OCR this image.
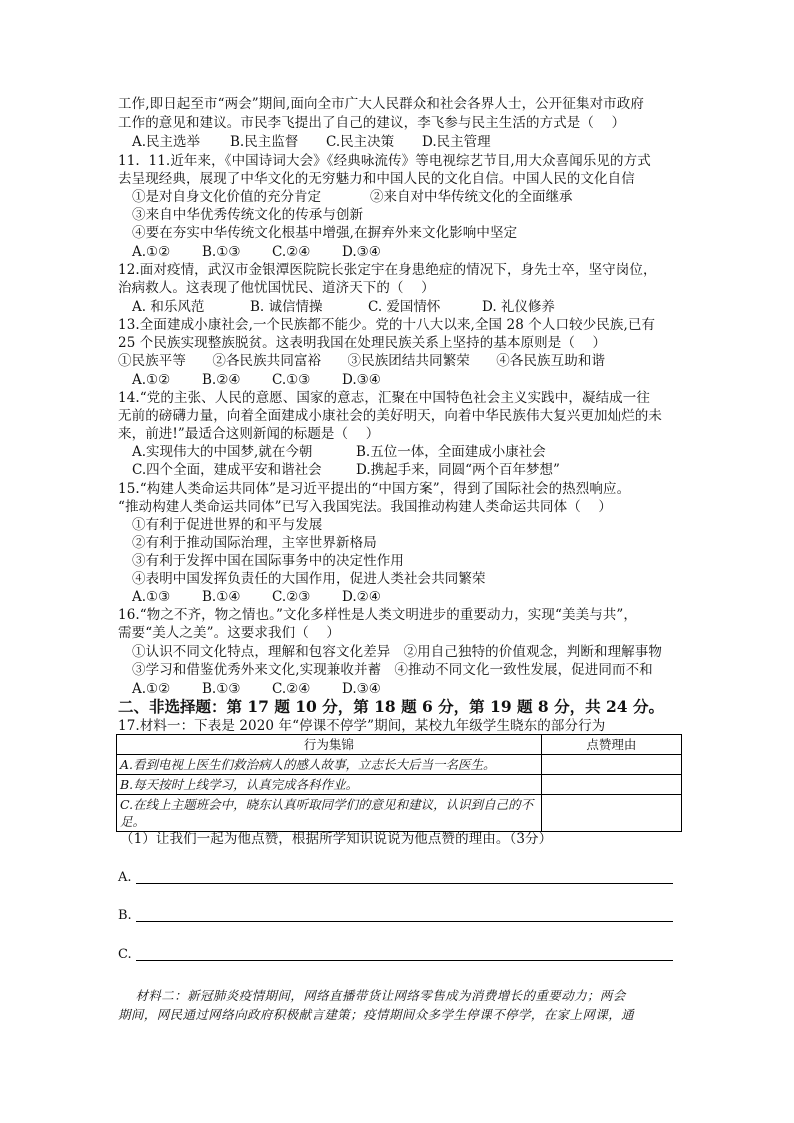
工作,即日起至市“两会”期间,面向全市广大人民群众和社会各界人士，公开征集对市政府
工作的意见和建议。市民李飞提出了自己的建议，李飞参与民主生活的方式是（    ）

A.民主选举

B.民主监督

C.民主决策

D.民主管理

11.  11.近年来，《中国诗词大会》《经典咏流传》等电视综艺节目,用大众喜闻乐见的方式
去呈现经典，展现了中华文化的无穷魅力和中国人民的文化自信。中国人民的文化自信

①是对自身文化价值的充分肯定

	②来自对中华传统文化的全面继承

③来自中华优秀传统文化的传承与创新
④要在夯实中华传统文化根基中增强,在摒弃外来文化影响中坚定

A.①②

B.①③

C.②④

D.③④

12.面对疫情，武汉市金银潭医院院长张定宇在身患绝症的情况下，身先士卒，坚守岗位，
治病救人。这表现了他忧国忧民、道济天下的（    ）

A. 和乐风范

	B. 诚信情操

	C. 爱国情怀

	D. 礼仪修养

13.全面建成小康社会,一个民族都不能少。党的十八大以来,全国 28 个人口较少民族,已有
25 个民族实现整族脱贫。这表明我国在处理民族关系上坚持的基本原则是（    ）
①民族平等      ②各民族共同富裕      ③民族团结共同繁荣      ④各民族互助和谐

A.①②

B.②④

C.①③

D.③④

14.“党的主张、人民的意愿、国家的意志，汇聚在中国特色社会主义实践中，凝结成一往
无前的磅礴力量，向着全面建成小康社会的美好明天，向着中华民族伟大复兴更加灿烂的未
来，前进!”最适合这则新闻的标题是（    ）

A.实现伟大的中国梦,就在今朝

	B.五位一体，全面建成小康社会

C.四个全面，建成平安和谐社会

	D.携起手来，同圆“两个百年梦想”

15.“构建人类命运共同体”是习近平提出的“中国方案”，得到了国际社会的热烈响应。
“推动构建人类命运共同体”已写入我国宪法。我国推动构建人类命运共同体（    ）
①有利于促进世界的和平与发展
②有利于推动国际治理，主宰世界新格局
③有利于发挥中国在国际事务中的决定性作用
④表明中国发挥负责任的大国作用，促进人类社会共同繁荣

A.①③

B.①④

C.②③

D.②④

16.“物之不齐，物之情也。”文化多样性是人类文明进步的重要动力，实现“美美与共”，
需要“美人之美”。这要求我们（    ）
①认识不同文化特点，理解和包容文化差异   ②用自己独特的价值观念，判断和理解事物
③学习和借鉴优秀外来文化,实现兼收并蓄   ④推动不同文化一致性发展，促进同而不和

A.①②

B.①③

C.②④

D.③④

二、非选择题：第 17 题 10 分，第 18 题 6 分，第 19 题 8 分，共 24 分。
17.材料一：下表是 2020 年“停课不停学”期间，某校九年级学生晓东的部分行为
行为集锦	点赞理由
A.看到电视上医生们救治病人的感人故事，立志长大后当一名医生。	
B.每天按时上线学习，认真完成各科作业。	
C.在线上主题班会中，晓东认真听取同学们的意见和建议，认识到自己的不足。	
（1）让我们一起为他点赞，根据所学知识说说为他点赞的理由。（3分）
A.
B.
C.
材料二：新冠肺炎疫情期间，网络直播带货让网络零售成为消费增长的重要动力；两会
期间，网民通过网络向政府积极献言建策；疫情期间众多学生停课不停学，在家上网课，通
